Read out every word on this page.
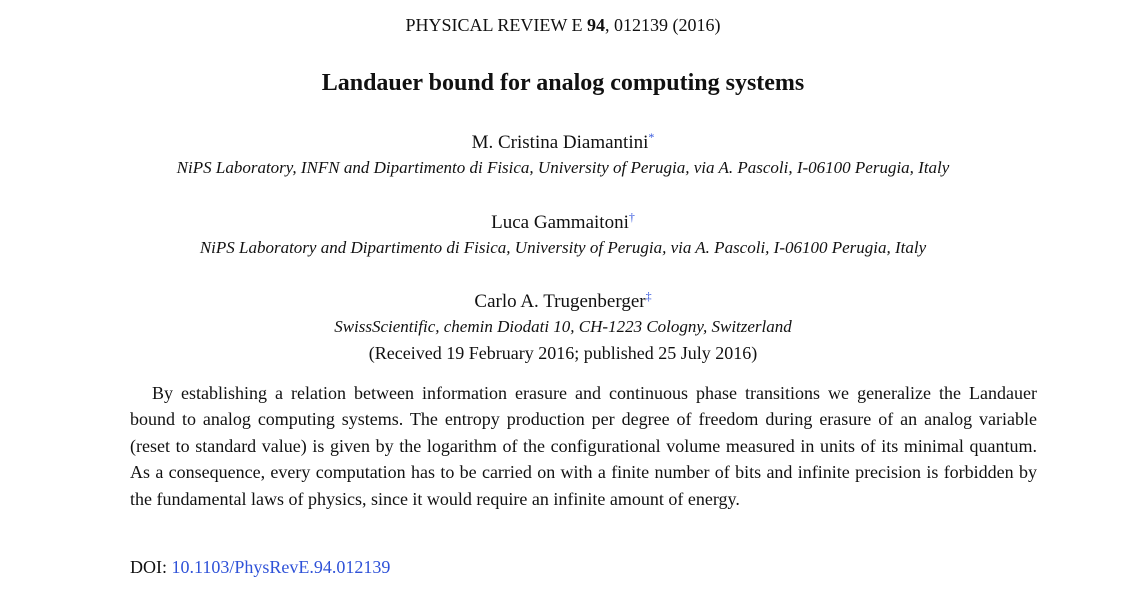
PHYSICAL REVIEW E 94, 012139 (2016)
Landauer bound for analog computing systems
M. Cristina Diamantini*
NiPS Laboratory, INFN and Dipartimento di Fisica, University of Perugia, via A. Pascoli, I-06100 Perugia, Italy
Luca Gammaitoni†
NiPS Laboratory and Dipartimento di Fisica, University of Perugia, via A. Pascoli, I-06100 Perugia, Italy
Carlo A. Trugenberger‡
SwissScientific, chemin Diodati 10, CH-1223 Cologny, Switzerland
(Received 19 February 2016; published 25 July 2016)

By establishing a relation between information erasure and continuous phase transitions we generalize the Landauer bound to analog computing systems. The entropy production per degree of freedom during erasure of an analog variable (reset to standard value) is given by the logarithm of the configurational volume measured in units of its minimal quantum. As a consequence, every computation has to be carried on with a finite number of bits and infinite precision is forbidden by the fundamental laws of physics, since it would require an infinite amount of energy.

DOI: 10.1103/PhysRevE.94.012139
